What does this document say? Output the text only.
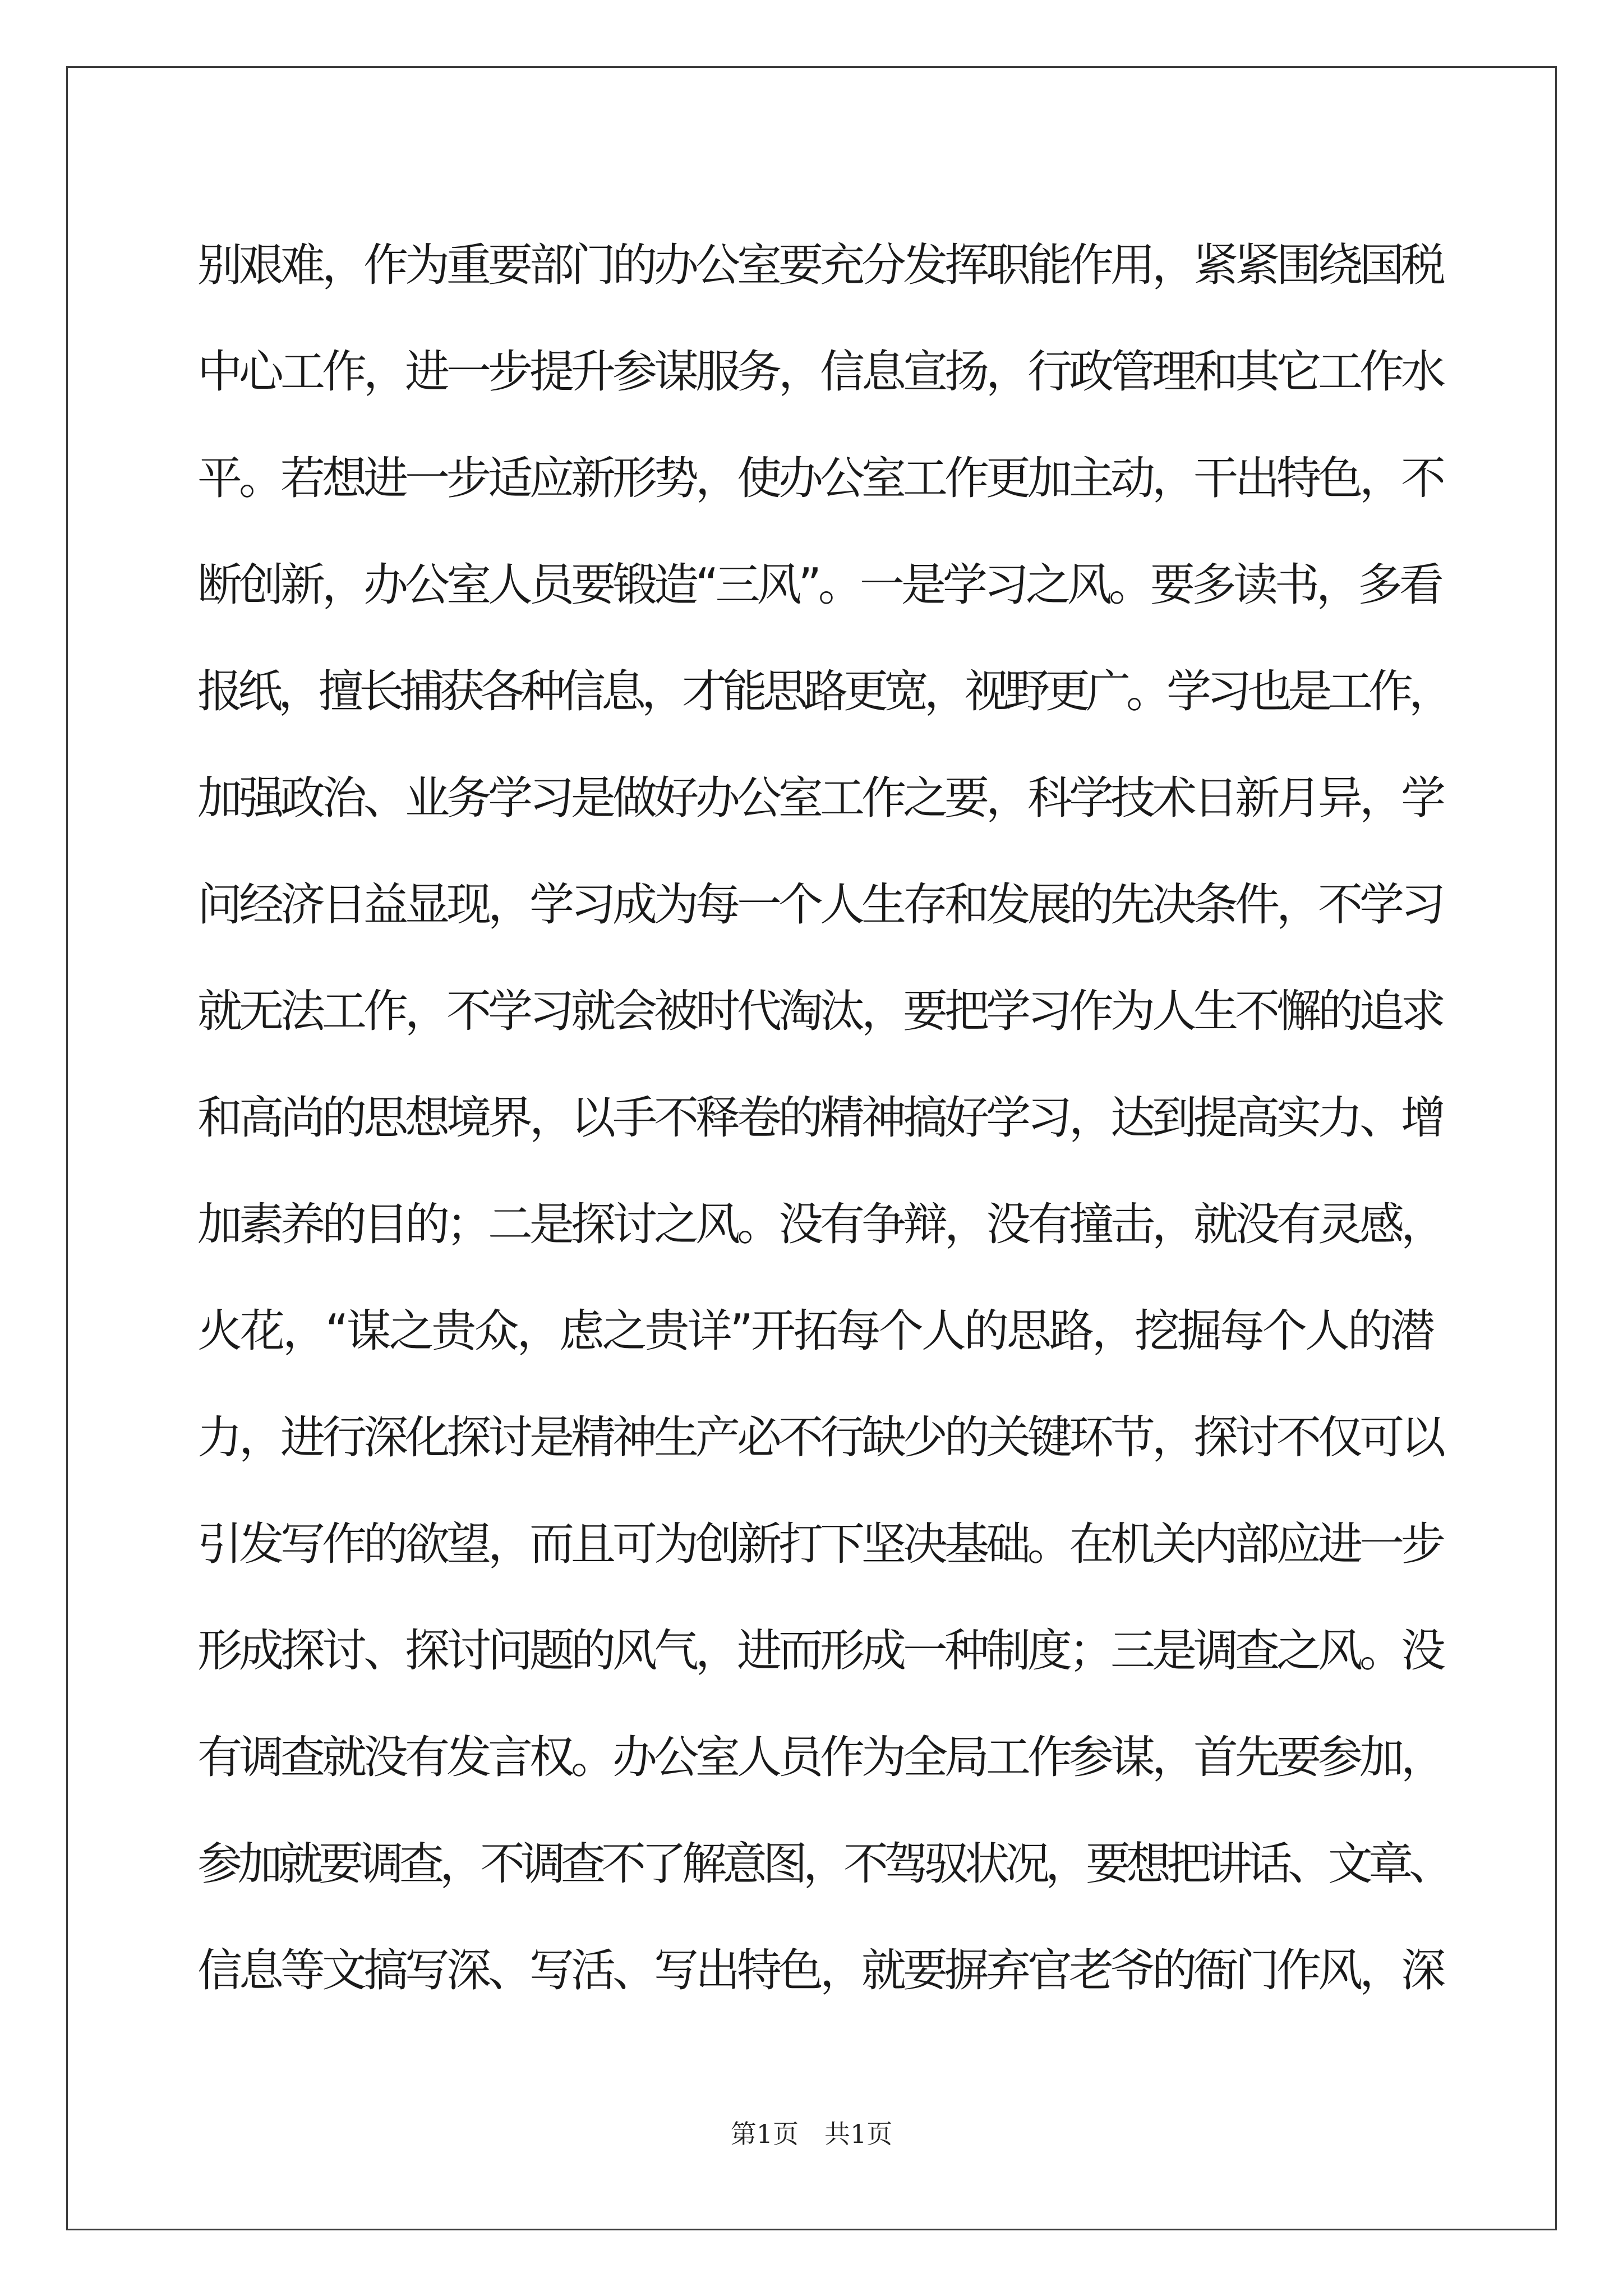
别艰难，作为重要部门的办公室要充分发挥职能作用，紧紧围绕国税
中心工作，进一步提升参谋服务，信息宣扬，行政管理和其它工作水
平。若想进一步适应新形势，使办公室工作更加主动，干出特色，不
断创新，办公室人员要锻造“三风”。一是学习之风。要多读书，多看
报纸，擅长捕获各种信息，才能思路更宽，视野更广。学习也是工作，
加强政治、业务学习是做好办公室工作之要，科学技术日新月异，学
问经济日益显现，学习成为每一个人生存和发展的先决条件，不学习
就无法工作，不学习就会被时代淘汰，要把学习作为人生不懈的追求
和高尚的思想境界，以手不释卷的精神搞好学习，达到提高实力、增
加素养的目的；二是探讨之风。没有争辩，没有撞击，就没有灵感，
火花，“谋之贵众，虑之贵详”开拓每个人的思路，挖掘每个人的潜
力，进行深化探讨是精神生产必不行缺少的关键环节，探讨不仅可以
引发写作的欲望，而且可为创新打下坚决基础。在机关内部应进一步
形成探讨、探讨问题的风气，进而形成一种制度；三是调查之风。没
有调查就没有发言权。办公室人员作为全局工作参谋，首先要参加，
参加就要调查，不调查不了解意图，不驾驭状况，要想把讲话、文章、
信息等文搞写深、写活、写出特色，就要摒弃官老爷的衙门作风，深
第1页　共1页
